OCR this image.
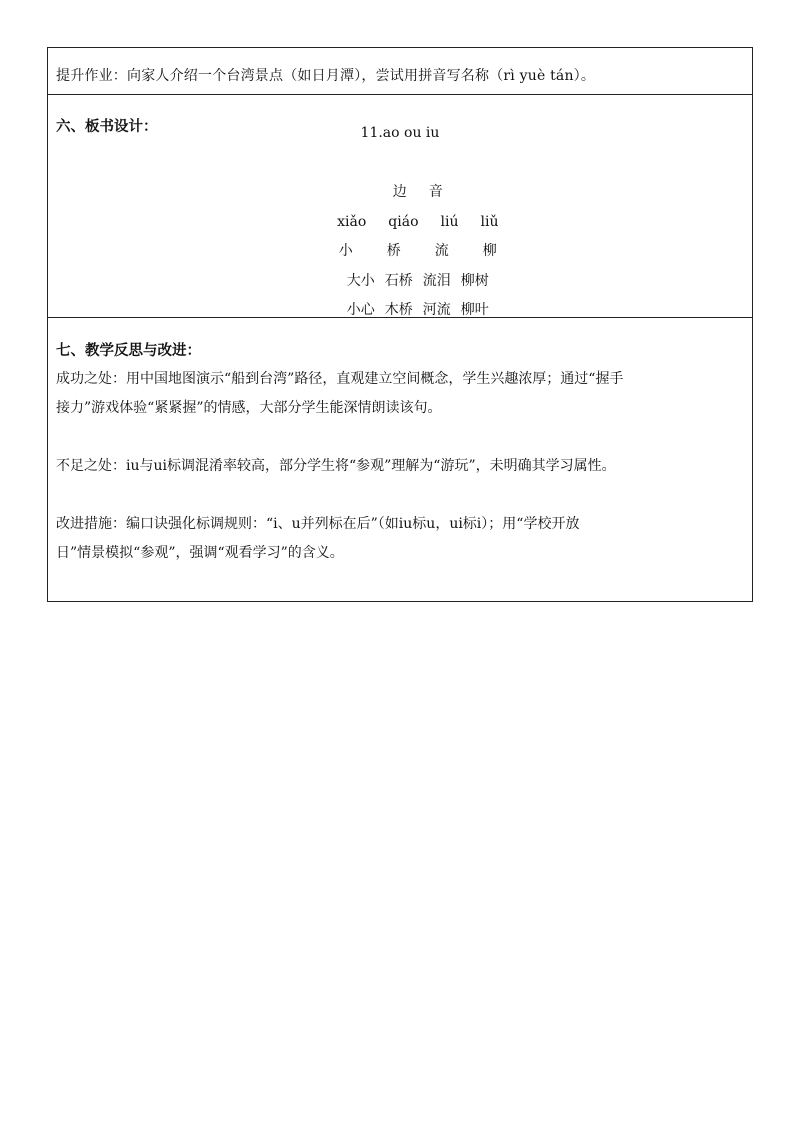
提升作业：向家人介绍一个台湾景点（如日月潭），尝试用拼音写名称（rì yuè tán）。

六、板书设计：	11.ao ou iu

边 音

xiǎo qiáo liú liǔ

小 桥 流 柳

大小 石桥 流泪 柳树

小心 木桥 河流 柳叶

七、教学反思与改进：

成功之处：用中国地图演示“船到台湾”路径，直观建立空间概念，学生兴趣浓厚；通过“握手

接力”游戏体验“紧紧握”的情感，大部分学生能深情朗读该句。

不足之处：iu与ui标调混淆率较高，部分学生将“参观”理解为“游玩”，未明确其学习属性。

改进措施：编口诀强化标调规则：“i、u并列标在后”（如iu标u，ui标i）；用“学校开放

日”情景模拟“参观”，强调“观看学习”的含义。
